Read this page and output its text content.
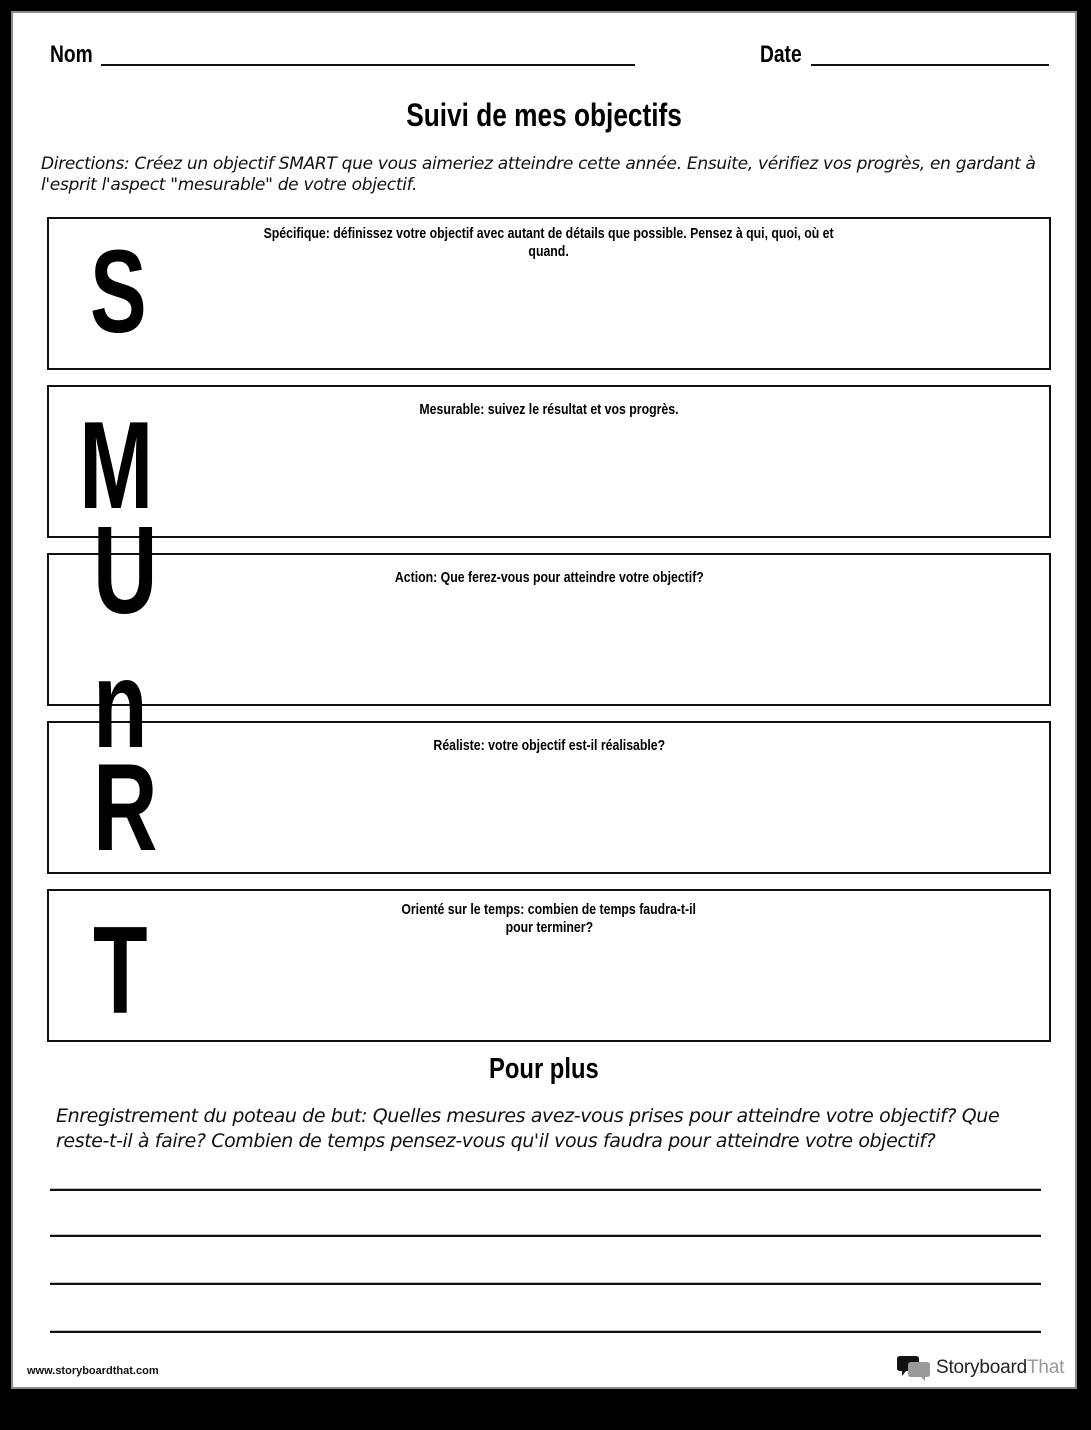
Nom	Date
Suivi de mes objectifs
Directions: Créez un objectif SMART que vous aimeriez atteindre cette année. Ensuite, vérifiez vos progrès, en gardant à l'esprit l'aspect "mesurable" de votre objectif.
Spécifique: définissez votre objectif avec autant de détails que possible. Pensez à qui, quoi, où et
quand.
Mesurable: suivez le résultat et vos progrès.
Action: Que ferez-vous pour atteindre votre objectif?
Réaliste: votre objectif est-il réalisable?
Orienté sur le temps: combien de temps faudra-t-il
pour terminer?
S
M
U
n
R
T
Pour plus
Enregistrement du poteau de but: Quelles mesures avez-vous prises pour atteindre votre objectif? Que reste-t-il à faire? Combien de temps pensez-vous qu'il vous faudra pour atteindre votre objectif?
www.storyboardthat.com	StoryboardThat
